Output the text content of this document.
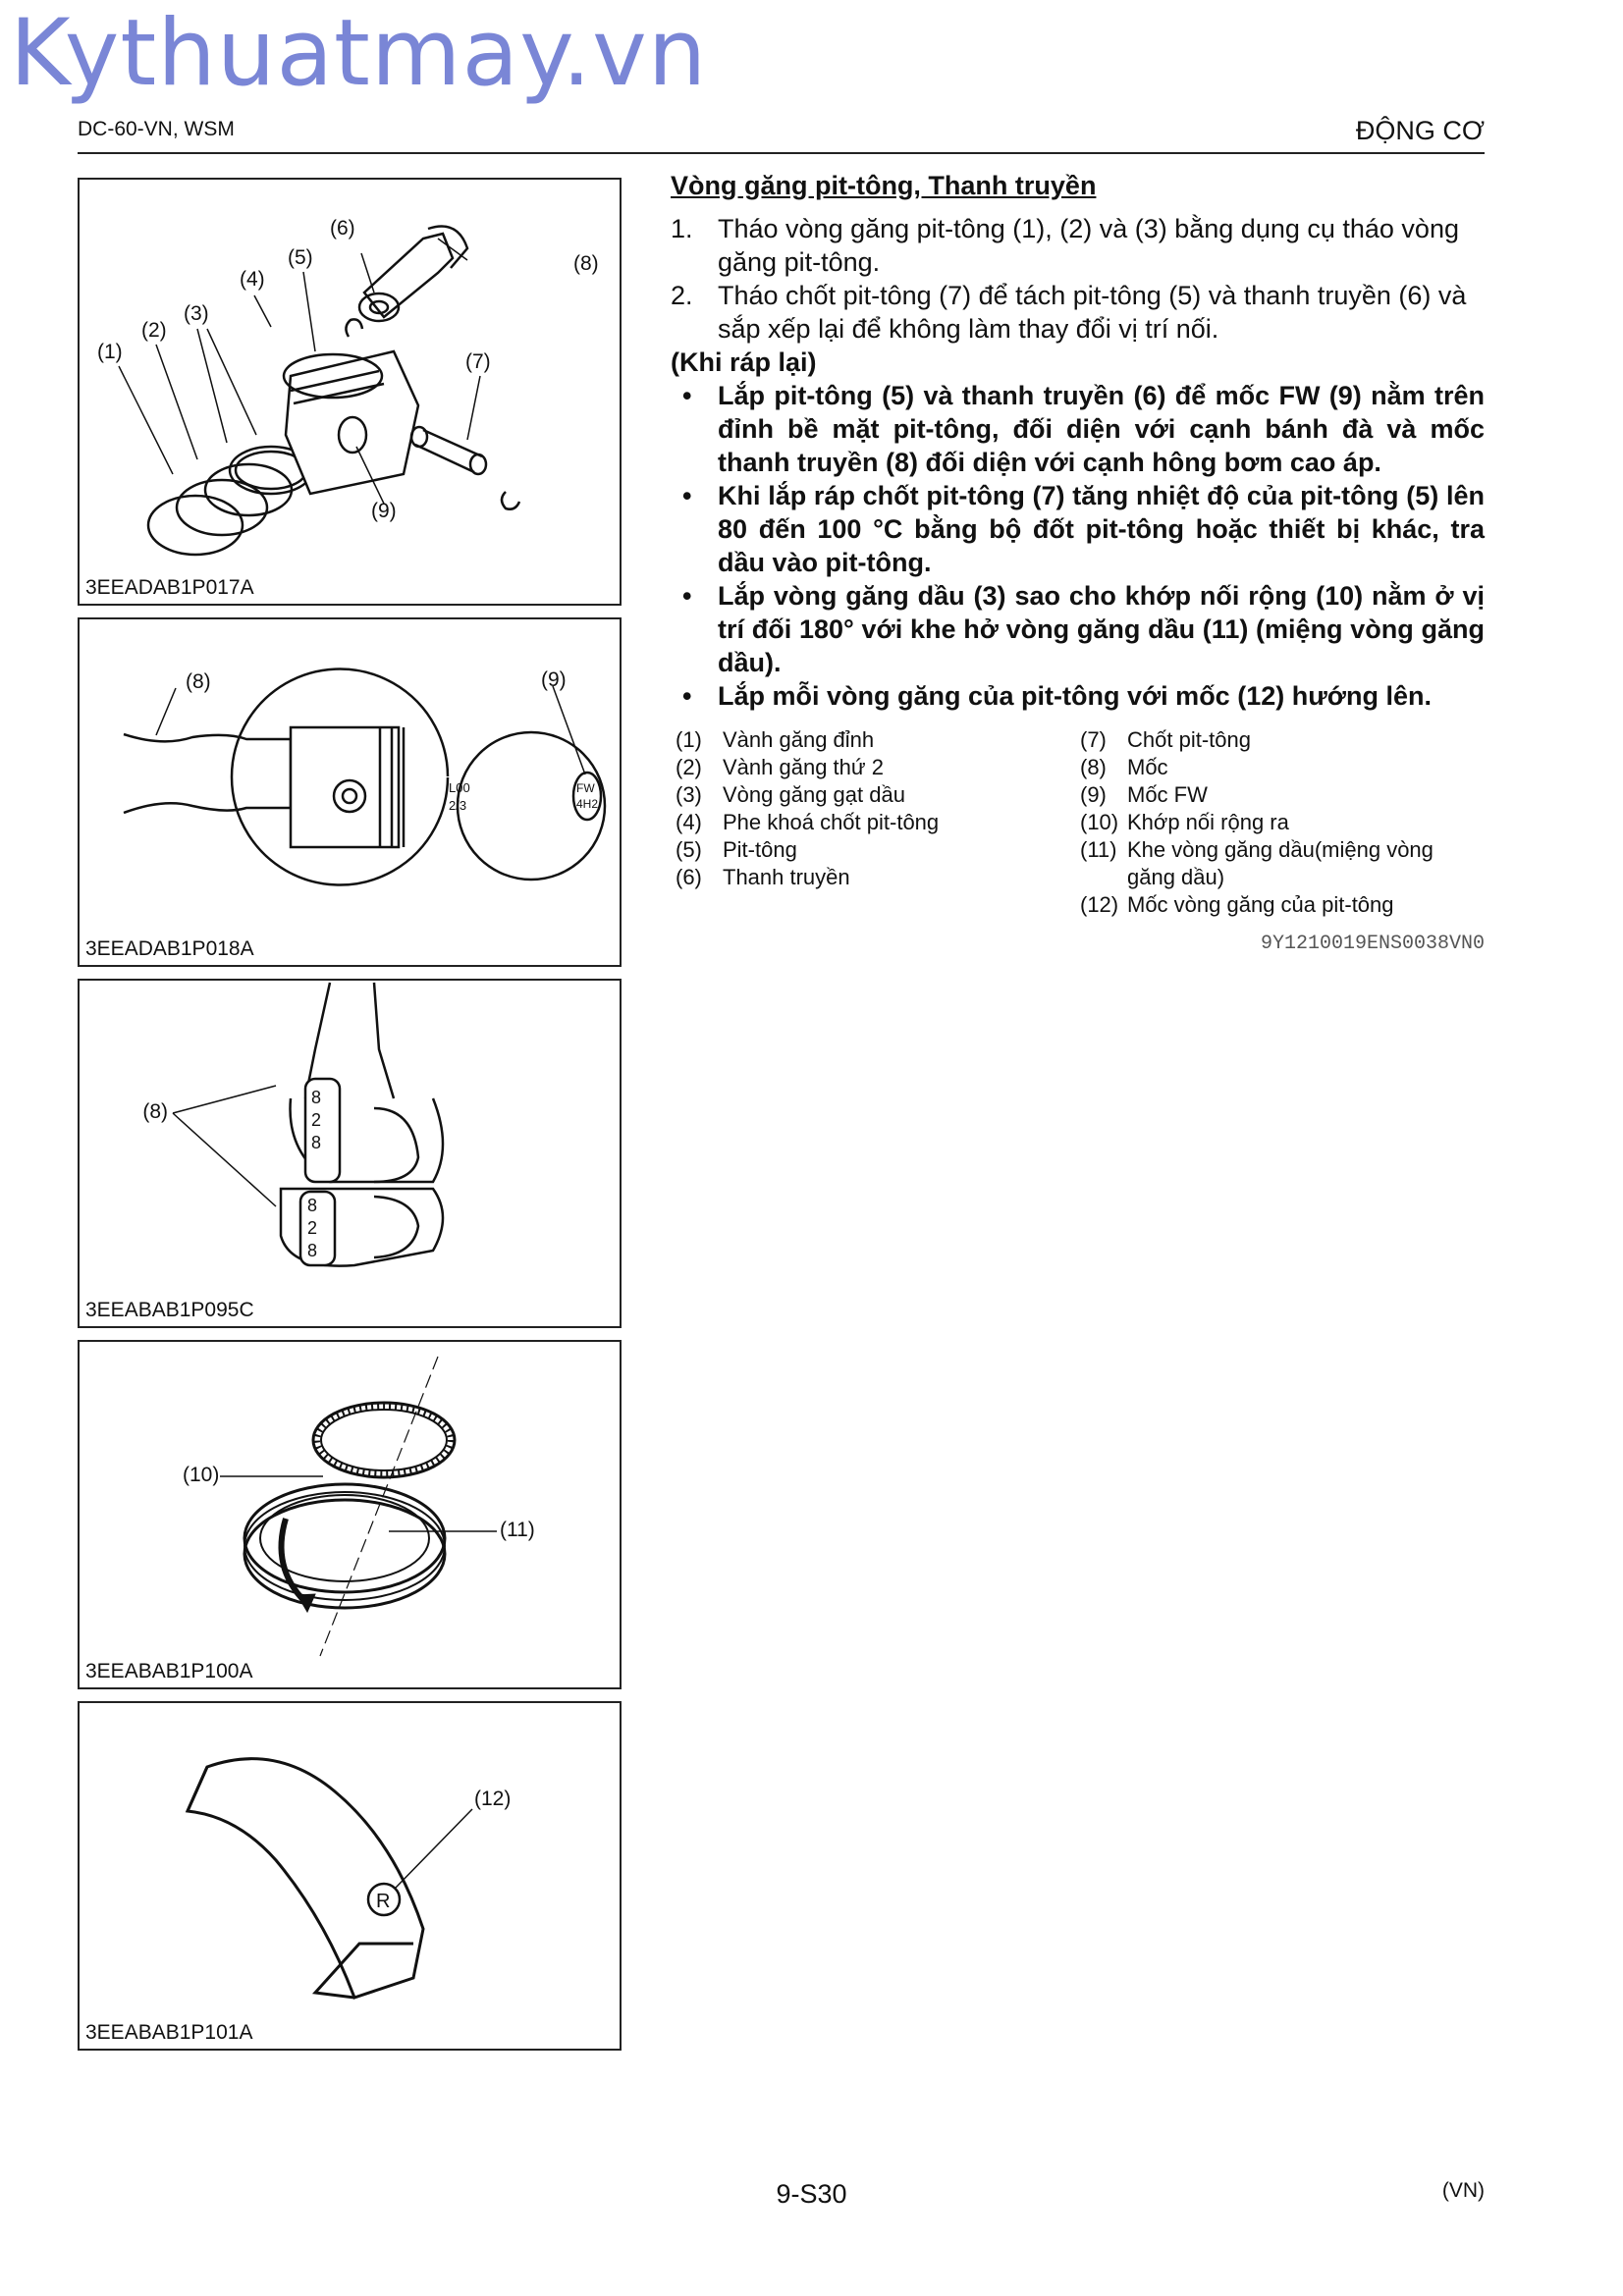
Kythuatmay.vn
DC-60-VN, WSM	ĐỘNG CƠ
(1)
(2)
(3)
(4)
(6)
(5)
(7)
(8)
(9)
3EEADAB1P017A
(8)	(9)
L00
2/3
FW
4H2
3EEADAB1P018A
(8)
8
2
8
8
2
8
3EEABAB1P095C
(10)
(11)
3EEABAB1P100A
(12)
R
3EEABAB1P101A
Vòng găng pit-tông, Thanh truyền
1. Tháo vòng găng pit-tông (1), (2) và (3) bằng dụng cụ tháo vòng găng pit-tông.
2. Tháo chốt pit-tông (7) để tách pit-tông (5) và thanh truyền (6) và sắp xếp lại để không làm thay đổi vị trí nối.
(Khi ráp lại)
• Lắp pit-tông (5) và thanh truyền (6) để mốc FW (9) nằm trên đỉnh bề mặt pit-tông, đối diện với cạnh bánh đà và mốc thanh truyền (8) đối diện với cạnh hông bơm cao áp.
• Khi lắp ráp chốt pit-tông (7) tăng nhiệt độ của pit-tông (5) lên 80 đến 100 °C bằng bộ đốt pit-tông hoặc thiết bị khác, tra dầu vào pit-tông.
• Lắp vòng găng dầu (3) sao cho khớp nối rộng (10) nằm ở vị trí đối 180° với khe hở vòng găng dầu (11) (miệng vòng găng dầu).
• Lắp mỗi vòng găng của pit-tông với mốc (12) hướng lên.
(1) Vành găng đỉnh
(2) Vành găng thứ 2
(3) Vòng găng gạt dầu
(4) Phe khoá chốt pit-tông
(5) Pit-tông
(6) Thanh truyền
(7) Chốt pit-tông
(8) Mốc
(9) Mốc FW
(10) Khớp nối rộng ra
(11) Khe vòng găng dầu(miệng vòng găng dầu)
(12) Mốc vòng găng của pit-tông
9Y1210019ENS0038VN0
9-S30	(VN)
